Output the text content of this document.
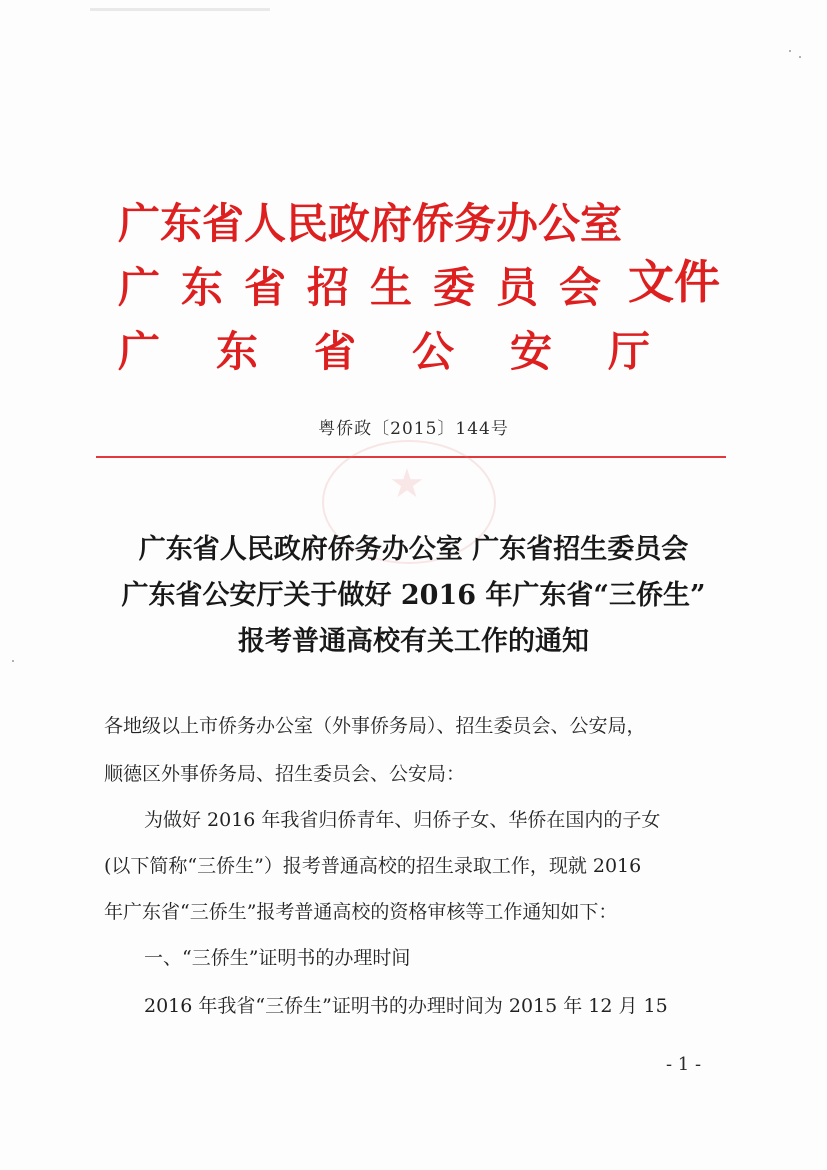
广东省人民政府侨务办公室
广东省招生委员会
广东省公安厅
文件
粤侨政〔2015〕144号
★
广东省人民政府侨务办公室 广东省招生委员会
广东省公安厅关于做好 2016 年广东省“三侨生”
报考普通高校有关工作的通知
各地级以上市侨务办公室（外事侨务局）、招生委员会、公安局，
顺德区外事侨务局、招生委员会、公安局：
为做好 2016 年我省归侨青年、归侨子女、华侨在国内的子女
(以下简称“三侨生”）报考普通高校的招生录取工作，现就 2016
年广东省“三侨生”报考普通高校的资格审核等工作通知如下：
一、“三侨生”证明书的办理时间
2016 年我省“三侨生”证明书的办理时间为 2015 年 12 月 15
- 1 -
